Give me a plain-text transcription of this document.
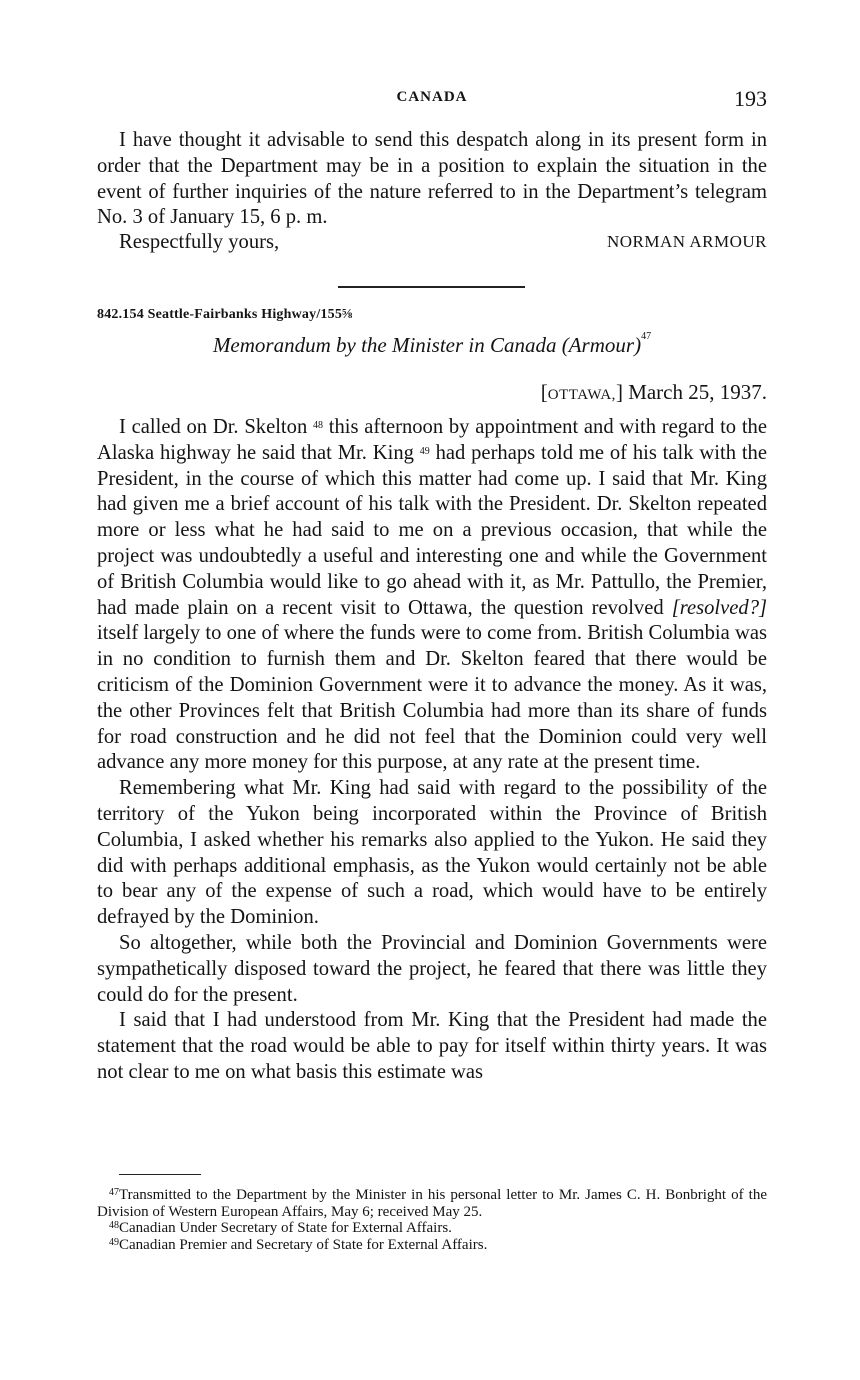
CANADA	193

I have thought it advisable to send this despatch along in its present form in order that the Department may be in a position to explain the situation in the event of further inquiries of the nature referred to in the Department’s telegram No. 3 of January 15, 6 p. m.

Respectfully yours,	NORMAN ARMOUR
842.154 Seattle-Fairbanks Highway/155⅝
Memorandum by the Minister in Canada (Armour)$^{47}$
[OTTAWA,] March 25, 1937.

I called on Dr. Skelton $^{48}$ this afternoon by appointment and with regard to the Alaska highway he said that Mr. King $^{49}$ had perhaps told me of his talk with the President, in the course of which this matter had come up. I said that Mr. King had given me a brief account of his talk with the President. Dr. Skelton repeated more or less what he had said to me on a previous occasion, that while the project was undoubtedly a useful and interesting one and while the Government of British Columbia would like to go ahead with it, as Mr. Pattullo, the Premier, had made plain on a recent visit to Ottawa, the question revolved [resolved?] itself largely to one of where the funds were to come from. British Columbia was in no condition to furnish them and Dr. Skelton feared that there would be criticism of the Dominion Government were it to advance the money. As it was, the other Provinces felt that British Columbia had more than its share of funds for road construction and he did not feel that the Dominion could very well advance any more money for this purpose, at any rate at the present time.

Remembering what Mr. King had said with regard to the possibility of the territory of the Yukon being incorporated within the Province of British Columbia, I asked whether his remarks also applied to the Yukon. He said they did with perhaps additional emphasis, as the Yukon would certainly not be able to bear any of the expense of such a road, which would have to be entirely defrayed by the Dominion.

So altogether, while both the Provincial and Dominion Governments were sympathetically disposed toward the project, he feared that there was little they could do for the present.

I said that I had understood from Mr. King that the President had made the statement that the road would be able to pay for itself within thirty years. It was not clear to me on what basis this estimate was

$^{47}$Transmitted to the Department by the Minister in his personal letter to Mr. James C. H. Bonbright of the Division of Western European Affairs, May 6; received May 25.

$^{48}$Canadian Under Secretary of State for External Affairs.

$^{49}$Canadian Premier and Secretary of State for External Affairs.
